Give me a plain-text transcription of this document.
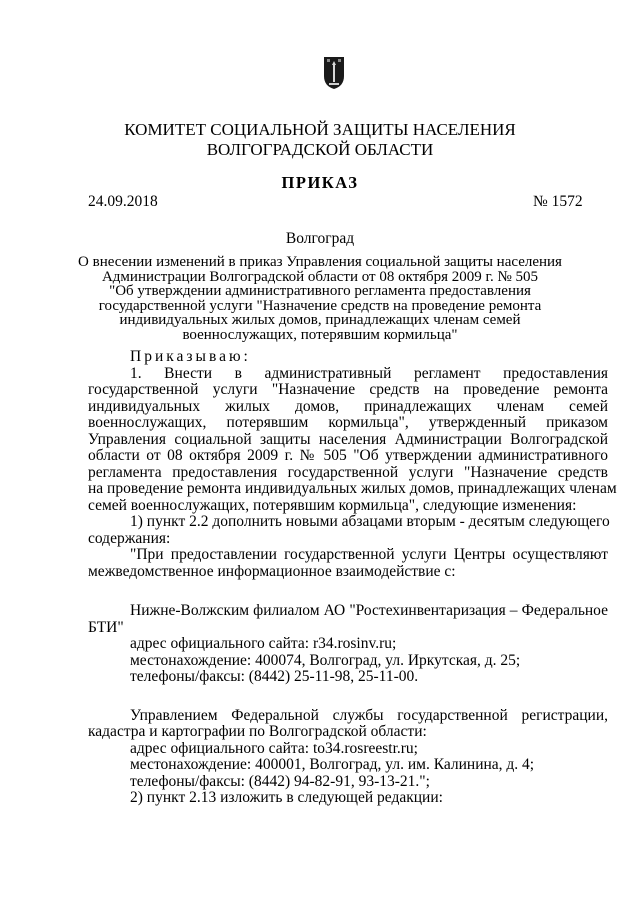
КОМИТЕТ СОЦИАЛЬНОЙ ЗАЩИТЫ НАСЕЛЕНИЯ
ВОЛГОГРАДСКОЙ ОБЛАСТИ
ПРИКАЗ
24.09.2018	№ 1572
Волгоград
О внесении изменений в приказ Управления социальной защиты населения
Администрации Волгоградской области от 08 октября 2009 г. № 505
"Об утверждении административного регламента предоставления
государственной услуги "Назначение средств на проведение ремонта
индивидуальных жилых домов, принадлежащих членам семей
военнослужащих, потерявшим кормильца"
Приказываю:
1. Внести в административный регламент предоставления
государственной услуги "Назначение средств на проведение ремонта
индивидуальных жилых домов, принадлежащих членам семей
военнослужащих, потерявшим кормильца", утвержденный приказом
Управления социальной защиты населения Администрации Волгоградской
области от 08 октября 2009 г. № 505 "Об утверждении административного
регламента предоставления государственной услуги "Назначение средств
на проведение ремонта индивидуальных жилых домов, принадлежащих членам
семей военнослужащих, потерявшим кормильца", следующие изменения:
1) пункт 2.2 дополнить новыми абзацами вторым - десятым следующего
содержания:
"При предоставлении государственной услуги Центры осуществляют
межведомственное информационное взаимодействие с:
Нижне-Волжским филиалом АО "Ростехинвентаризация – Федеральное
БТИ"
адрес официального сайта: r34.rosinv.ru;
местонахождение: 400074, Волгоград, ул. Иркутская, д. 25;
телефоны/факсы: (8442) 25-11-98, 25-11-00.
Управлением Федеральной службы государственной регистрации,
кадастра и картографии по Волгоградской области:
адрес официального сайта: to34.rosreestr.ru;
местонахождение: 400001, Волгоград, ул. им. Калинина, д. 4;
телефоны/факсы: (8442) 94-82-91, 93-13-21.";
2) пункт 2.13 изложить в следующей редакции:
